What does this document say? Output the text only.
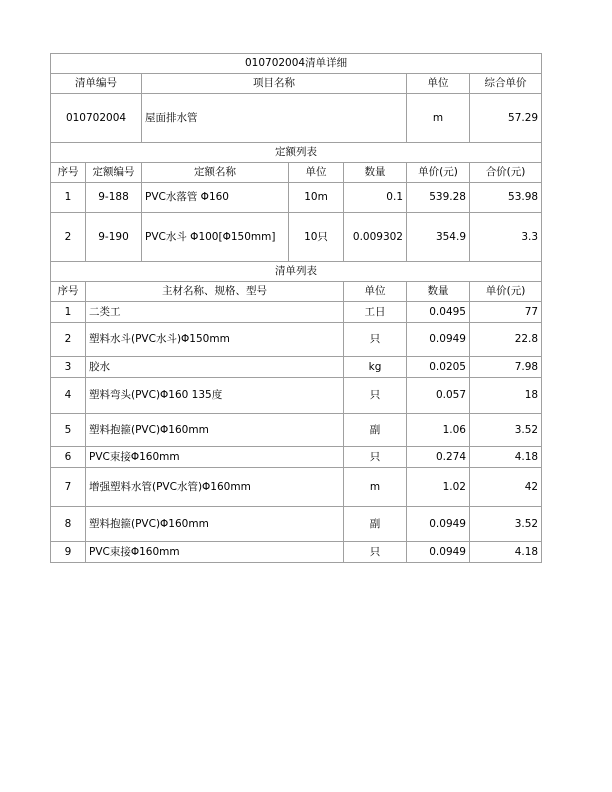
010702004清单详细							
清单编号		项目名称			单位	综合单价	
010702004		屋面排水管			m	57.29	
定额列表							
序号	定额编号	定额名称	单位	数量	单价(元)	合价(元)	
1	9-188	PVC水落管 Φ160	10m	0.1	539.28	53.98	
2	9-190	PVC水斗 Φ100[Φ150mm]	10只	0.009302	354.9	3.3	
清单列表							
序号	主材名称、规格、型号			单位	数量	单价(元)	
1	二类工			工日	0.0495	77	
2	塑料水斗(PVC水斗)Φ150mm			只	0.0949	22.8	
3	胶水			kg	0.0205	7.98	
4	塑料弯头(PVC)Φ160 135度			只	0.057	18	
5	塑料抱箍(PVC)Φ160mm			副	1.06	3.52	
6	PVC束接Φ160mm			只	0.274	4.18	
7	增强塑料水管(PVC水管)Φ160mm			m	1.02	42	
8	塑料抱箍(PVC)Φ160mm			副	0.0949	3.52	
9	PVC束接Φ160mm			只	0.0949	4.18	
